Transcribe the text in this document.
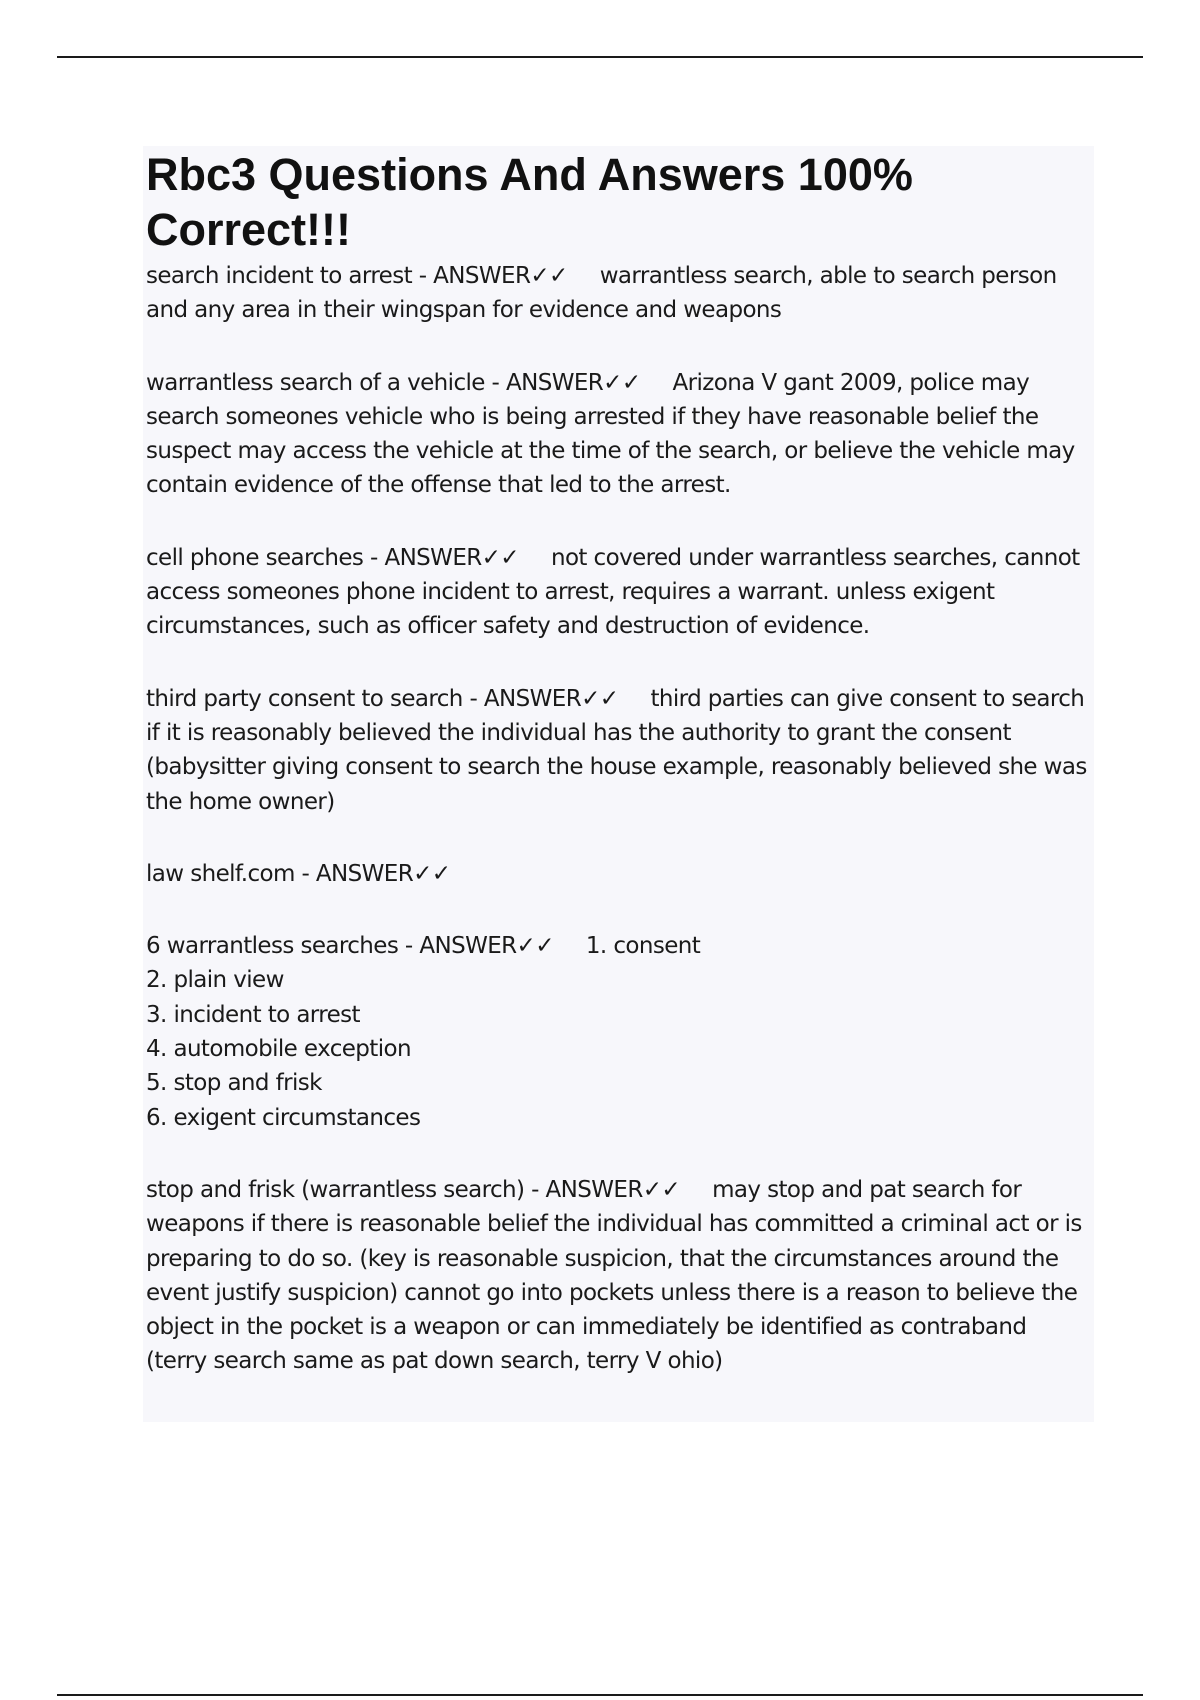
Rbc3 Questions And Answers 100% Correct!!!

search incident to arrest - ANSWER✓✓ warrantless search, able to search person and any area in their wingspan for evidence and weapons

warrantless search of a vehicle - ANSWER✓✓ Arizona V gant 2009, police may search someones vehicle who is being arrested if they have reasonable belief the suspect may access the vehicle at the time of the search, or believe the vehicle may contain evidence of the offense that led to the arrest.

cell phone searches - ANSWER✓✓ not covered under warrantless searches, cannot access someones phone incident to arrest, requires a warrant. unless exigent circumstances, such as officer safety and destruction of evidence.

third party consent to search - ANSWER✓✓ third parties can give consent to search if it is reasonably believed the individual has the authority to grant the consent (babysitter giving consent to search the house example, reasonably believed she was the home owner)

law shelf.com - ANSWER✓✓

6 warrantless searches - ANSWER✓✓ 1. consent
2. plain view
3. incident to arrest
4. automobile exception
5. stop and frisk
6. exigent circumstances

stop and frisk (warrantless search) - ANSWER✓✓ may stop and pat search for weapons if there is reasonable belief the individual has committed a criminal act or is preparing to do so. (key is reasonable suspicion, that the circumstances around the event justify suspicion) cannot go into pockets unless there is a reason to believe the object in the pocket is a weapon or can immediately be identified as contraband (terry search same as pat down search, terry V ohio)
